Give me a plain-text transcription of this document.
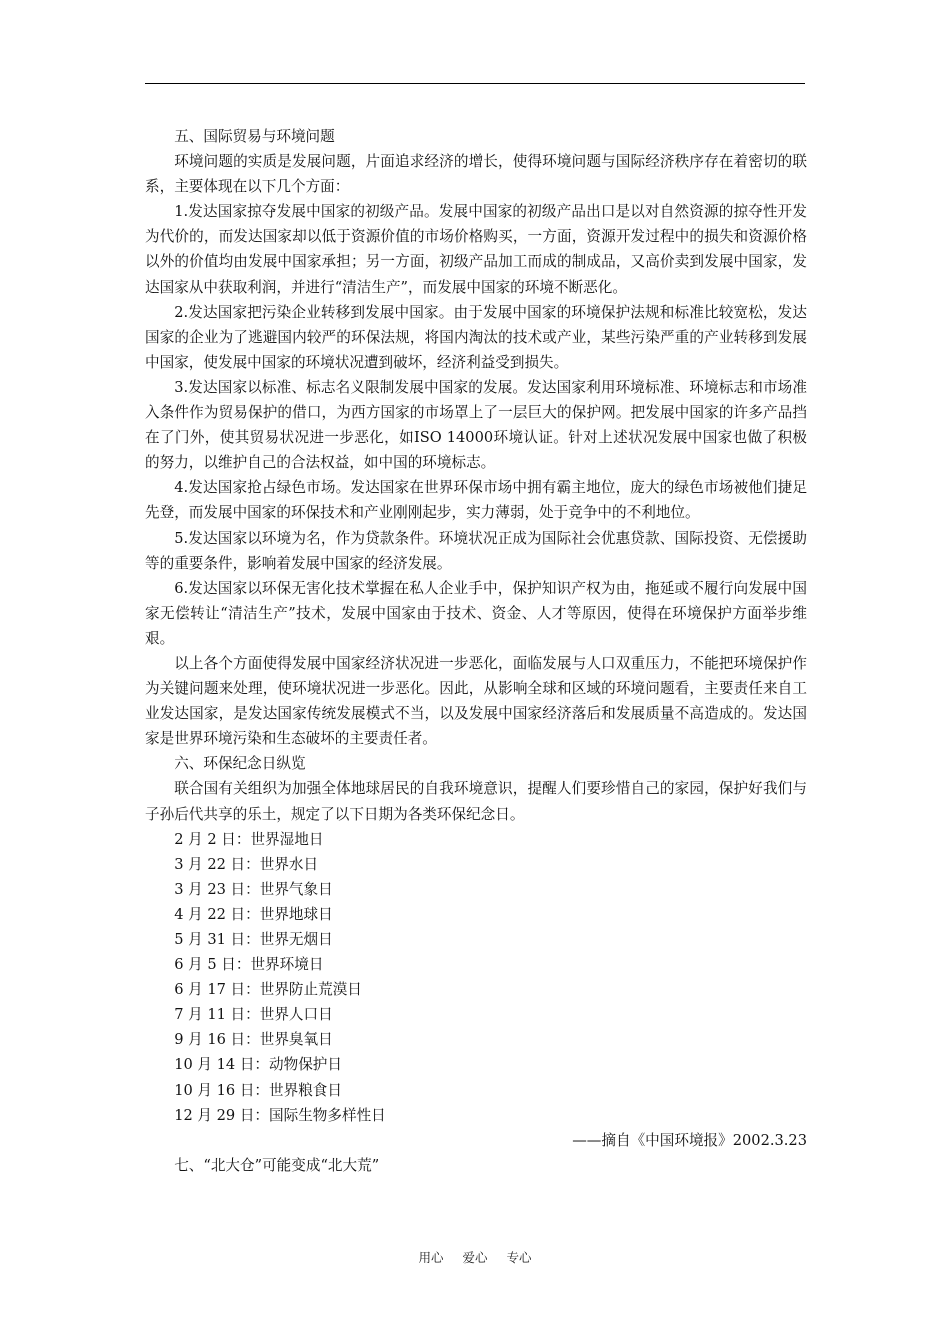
五、国际贸易与环境问题

环境问题的实质是发展问题，片面追求经济的增长，使得环境问题与国际经济秩序存在着密切的联系，主要体现在以下几个方面：

1.发达国家掠夺发展中国家的初级产品。发展中国家的初级产品出口是以对自然资源的掠夺性开发为代价的，而发达国家却以低于资源价值的市场价格购买，一方面，资源开发过程中的损失和资源价格以外的价值均由发展中国家承担；另一方面，初级产品加工而成的制成品，又高价卖到发展中国家，发达国家从中获取利润，并进行“清洁生产”，而发展中国家的环境不断恶化。

2.发达国家把污染企业转移到发展中国家。由于发展中国家的环境保护法规和标准比较宽松，发达国家的企业为了逃避国内较严的环保法规，将国内淘汰的技术或产业，某些污染严重的产业转移到发展中国家，使发展中国家的环境状况遭到破坏，经济利益受到损失。

3.发达国家以标准、标志名义限制发展中国家的发展。发达国家利用环境标准、环境标志和市场准入条件作为贸易保护的借口，为西方国家的市场罩上了一层巨大的保护网。把发展中国家的许多产品挡在了门外，使其贸易状况进一步恶化，如ISO 14000环境认证。针对上述状况发展中国家也做了积极的努力，以维护自己的合法权益，如中国的环境标志。

4.发达国家抢占绿色市场。发达国家在世界环保市场中拥有霸主地位，庞大的绿色市场被他们捷足先登，而发展中国家的环保技术和产业刚刚起步，实力薄弱，处于竞争中的不利地位。

5.发达国家以环境为名，作为贷款条件。环境状况正成为国际社会优惠贷款、国际投资、无偿援助等的重要条件，影响着发展中国家的经济发展。

6.发达国家以环保无害化技术掌握在私人企业手中，保护知识产权为由，拖延或不履行向发展中国家无偿转让“清洁生产”技术，发展中国家由于技术、资金、人才等原因，使得在环境保护方面举步维艰。

以上各个方面使得发展中国家经济状况进一步恶化，面临发展与人口双重压力，不能把环境保护作为关键问题来处理，使环境状况进一步恶化。因此，从影响全球和区域的环境问题看，主要责任来自工业发达国家，是发达国家传统发展模式不当，以及发展中国家经济落后和发展质量不高造成的。发达国家是世界环境污染和生态破坏的主要责任者。

六、环保纪念日纵览

联合国有关组织为加强全体地球居民的自我环境意识，提醒人们要珍惜自己的家园，保护好我们与子孙后代共享的乐土，规定了以下日期为各类环保纪念日。

2 月 2 日：世界湿地日
3 月 22 日：世界水日
3 月 23 日：世界气象日
4 月 22 日：世界地球日
5 月 31 日：世界无烟日
6 月 5 日：世界环境日
6 月 17 日：世界防止荒漠日
7 月 11 日：世界人口日
9 月 16 日：世界臭氧日
10 月 14 日：动物保护日
10 月 16 日：世界粮食日
12 月 29 日：国际生物多样性日

——摘自《中国环境报》2002.3.23

七、“北大仓”可能变成“北大荒”

用心 爱心 专心
